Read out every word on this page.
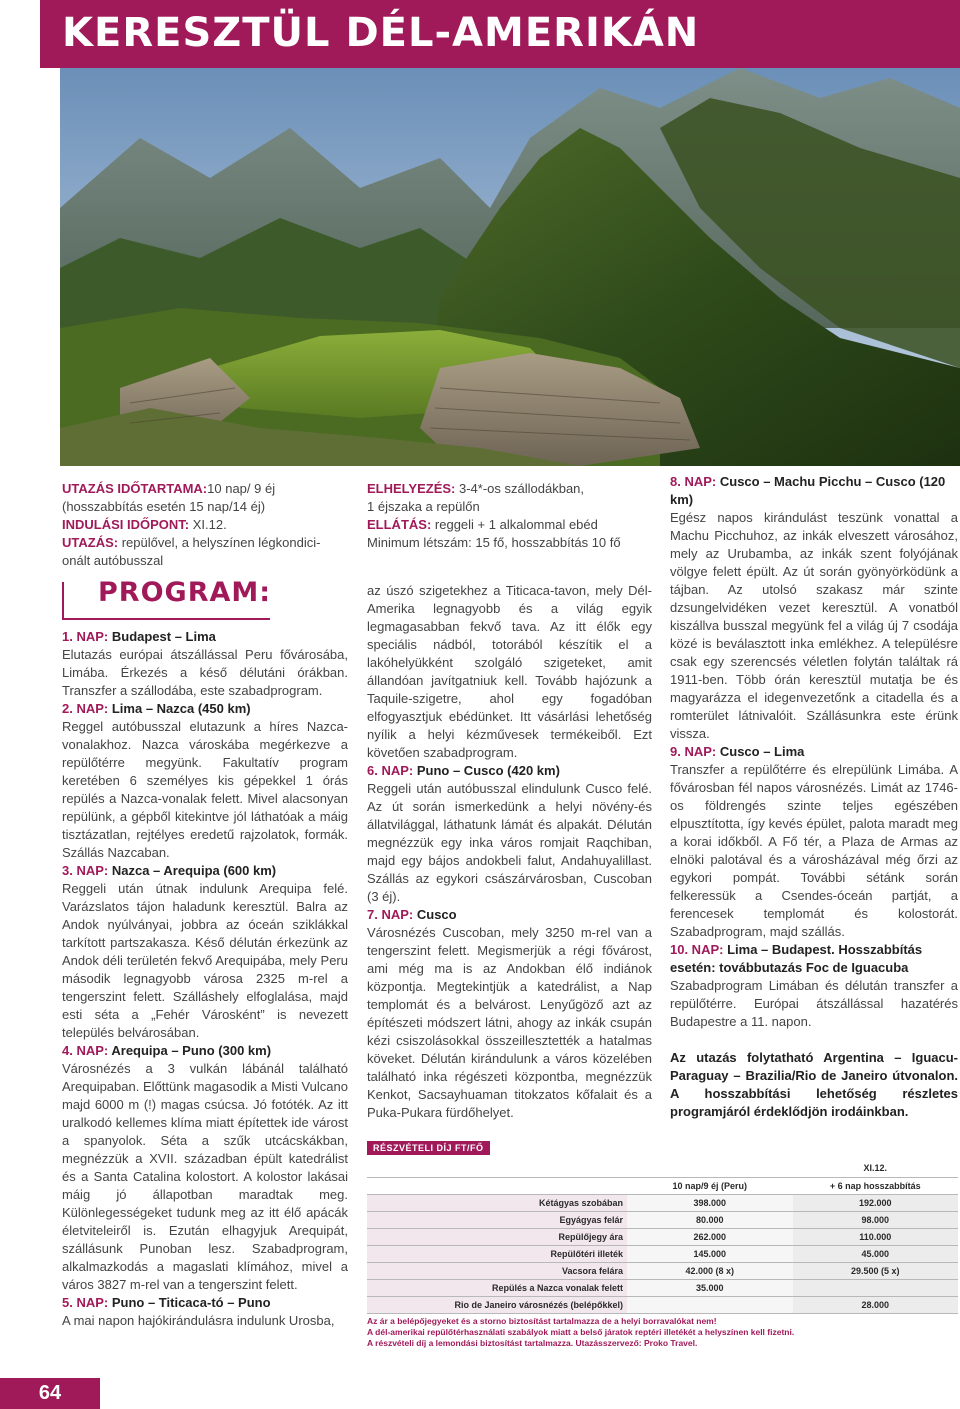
KERESZTÜL DÉL-AMERIKÁN

UTAZÁS IDŐTARTAMA:10 nap/ 9 éj

(hosszabbítás esetén 15 nap/14 éj)

INDULÁSI IDŐPONT: XI.12.

UTAZÁS: repülővel, a helyszínen légkondici-onált autóbusszal

PROGRAM:

1. NAP: Budapest – Lima

Elutazás európai átszállással Peru fővárosába, Limába. Érkezés a késő délutáni órákban. Transzfer a szállodába, este szabadprogram.

2. NAP: Lima – Nazca (450 km)

Reggel autóbusszal elutazunk a híres Nazca-vonalakhoz. Nazca városkába megérkezve a repülőtérre megyünk. Fakultatív program keretében 6 személyes kis gépekkel 1 órás repülés a Nazca-vonalak felett. Mivel alacsonyan repülünk, a gépből kitekintve jól láthatóak a máig tisztázatlan, rejtélyes eredetű rajzolatok, formák. Szállás Nazcaban.

3. NAP: Nazca – Arequipa (600 km)

Reggeli után útnak indulunk Arequipa felé. Varázslatos tájon haladunk keresztül. Balra az Andok nyúlványai, jobbra az óceán sziklákkal tarkított partszakasza. Késő délután érkezünk az Andok déli területén fekvő Arequipába, mely Peru második legnagyobb városa 2325 m-rel a tengerszint felett. Szálláshely elfoglalása, majd esti séta a „Fehér Városként” is nevezett település belvárosában.

4. NAP: Arequipa – Puno (300 km)

Városnézés a 3 vulkán lábánál található Arequipaban. Előttünk magasodik a Misti Vulcano majd 6000 m (!) magas csúcsa. Jó fotóték. Az itt uralkodó kellemes klíma miatt építettek ide várost a spanyolok. Séta a szűk utcácskákban, megnézzük a XVII. században épült katedrálist és a Santa Catalina kolostort. A kolostor lakásai máig jó állapotban maradtak meg. Különlegességeket tudunk meg az itt élő apácák életviteleiről is. Ezután elhagyjuk Arequipát, szállásunk Punoban lesz. Szabadprogram, alkalmazkodás a magaslati klímához, mivel a város 3827 m-rel van a tengerszint felett.

5. NAP: Puno – Titicaca-tó – Puno

A mai napon hajókirándulásra indulunk Urosba,

ELHELYEZÉS: 3-4*-os szállodákban,

1 éjszaka a repülőn

ELLÁTÁS: reggeli + 1 alkalommal ebéd

Minimum létszám: 15 fő, hosszabbítás 10 fő

az úszó szigetekhez a Titicaca-tavon, mely Dél-Amerika legnagyobb és a világ egyik legmagasabban fekvő tava. Az itt élők egy speciális nádból, totorából készítik el a lakóhelyükként szolgáló szigeteket, amit állandóan javítgatniuk kell. Tovább hajózunk a Taquile-szigetre, ahol egy fogadóban elfogyasztjuk ebédünket. Itt vásárlási lehetőség nyílik a helyi kézművesek termékeiből. Ezt követően szabadprogram.

6. NAP: Puno – Cusco (420 km)

Reggeli után autóbusszal elindulunk Cusco felé. Az út során ismerkedünk a helyi növény-és állatvilággal, láthatunk lámát és alpakát. Délután megnézzük egy inka város romjait Raqchiban, majd egy bájos andokbeli falut, Andahuyalillast. Szállás az egykori császárvárosban, Cuscoban (3 éj).

7. NAP: Cusco

Városnézés Cuscoban, mely 3250 m-rel van a tengerszint felett. Megismerjük a régi fővárost, ami még ma is az Andokban élő indiánok központja. Megtekintjük a katedrálist, a Nap templomát és a belvárost. Lenyűgöző azt az építészeti módszert látni, ahogy az inkák csupán kézi csiszolásokkal összeillesztették a hatalmas köveket. Délután kirándulunk a város közelében található inka régészeti központba, megnézzük Kenkot, Sacsayhuaman titokzatos kőfalait és a Puka-Pukara fürdőhelyet.

8. NAP: Cusco – Machu Picchu – Cusco (120 km)

Egész napos kirándulást teszünk vonattal a Machu Picchuhoz, az inkák elveszett városához, mely az Urubamba, az inkák szent folyójának völgye felett épült. Az út során gyönyörködünk a tájban. Az utolsó szakasz már szinte dzsungelvidéken vezet keresztül. A vonatból kiszállva busszal megyünk fel a világ új 7 csodája közé is beválasztott inka emlékhez. A településre csak egy szerencsés véletlen folytán találtak rá 1911-ben. Több órán keresztül mutatja be és magyarázza el idegenvezetőnk a citadella és a romterület látnivalóit. Szállásunkra este érünk vissza.

9. NAP: Cusco – Lima

Transzfer a repülőtérre és elrepülünk Limába. A fővárosban fél napos városnézés. Limát az 1746-os földrengés szinte teljes egészében elpusztította, így kevés épület, palota maradt meg a korai időkből. A Fő tér, a Plaza de Armas az elnöki palotával és a városházával még őrzi az egykori pompát. További sétánk során felkeressük a Csendes-óceán partját, a ferencesek templomát és kolostorát. Szabadprogram, majd szállás.

10. NAP: Lima – Budapest. Hosszabbítás esetén: továbbutazás Foc de Iguacuba

Szabadprogram Limában és délután transzfer a repülőtérre. Európai átszállással hazatérés Budapestre a 11. napon.

Az utazás folytatható Argentina – Iguacu-Paraguay – Brazilia/Rio de Janeiro útvonalon. A hosszabbítási lehetőség részletes programjáról érdeklődjön irodáinkban.

RÉSZVÉTELI DÍJ FT/FŐ
		XI.12.
	10 nap/9 éj (Peru)	+ 6 nap hosszabbítás
Kétágyas szobában	398.000	192.000
Egyágyas felár	80.000	98.000
Repülőjegy ára	262.000	110.000
Repülőtéri illeték	145.000	45.000
Vacsora felára	42.000 (8 x)	29.500 (5 x)
Repülés a Nazca vonalak felett	35.000	
Rio de Janeiro városnézés (belépőkkel)		28.000
Az ár a belépőjegyeket és a storno biztosítást tartalmazza de a helyi borravalókat nem!
A dél-amerikai repülőtérhasználati szabályok miatt a belső járatok reptéri illetékét a helyszínen kell fizetni.
A részvételi díj a lemondási biztosítást tartalmazza. Utazásszervező: Proko Travel.
64
